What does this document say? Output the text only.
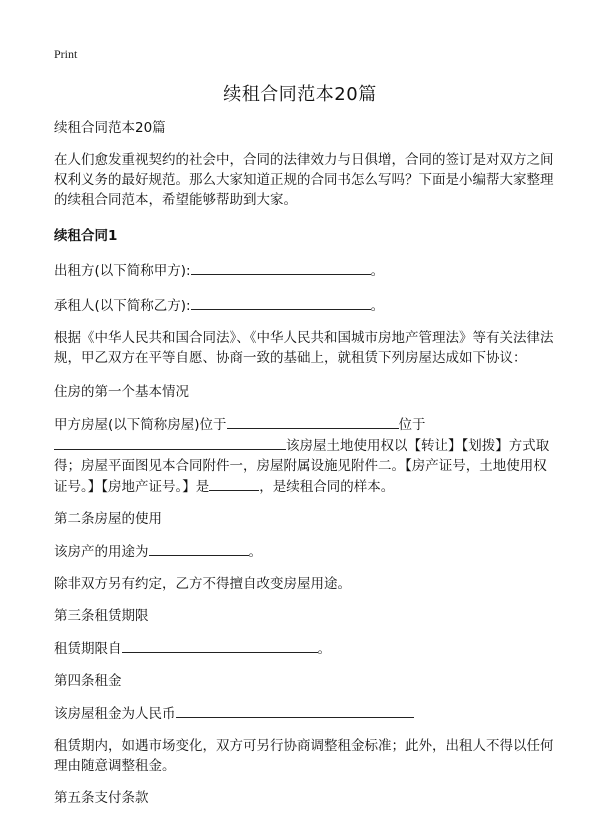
Print
续租合同范本20篇

续租合同范本20篇

在人们愈发重视契约的社会中，合同的法律效力与日俱增，合同的签订是对双方之间权利义务的最好规范。那么大家知道正规的合同书怎么写吗？下面是小编帮大家整理的续租合同范本，希望能够帮助到大家。

续租合同1

出租方(以下简称甲方):	。

承租人(以下简称乙方):	。

根据《中华人民共和国合同法》、《中华人民共和国城市房地产管理法》等有关法律法规，甲乙双方在平等自愿、协商一致的基础上，就租赁下列房屋达成如下协议：

住房的第一个基本情况

甲方房屋(以下简称房屋)位于	位于
该房屋土地使用权以【转让】【划拨】方式取得；房屋平面图见本合同附件一，房屋附属设施见附件二。【房产证号，土地使用权证号。】【房地产证号。】是	，是续租合同的样本。

第二条房屋的使用

该房产的用途为	。

除非双方另有约定，乙方不得擅自改变房屋用途。

第三条租赁期限

租赁期限自	。

第四条租金

该房屋租金为人民币

租赁期内，如遇市场变化，双方可另行协商调整租金标准；此外，出租人不得以任何理由随意调整租金。

第五条支付条款
